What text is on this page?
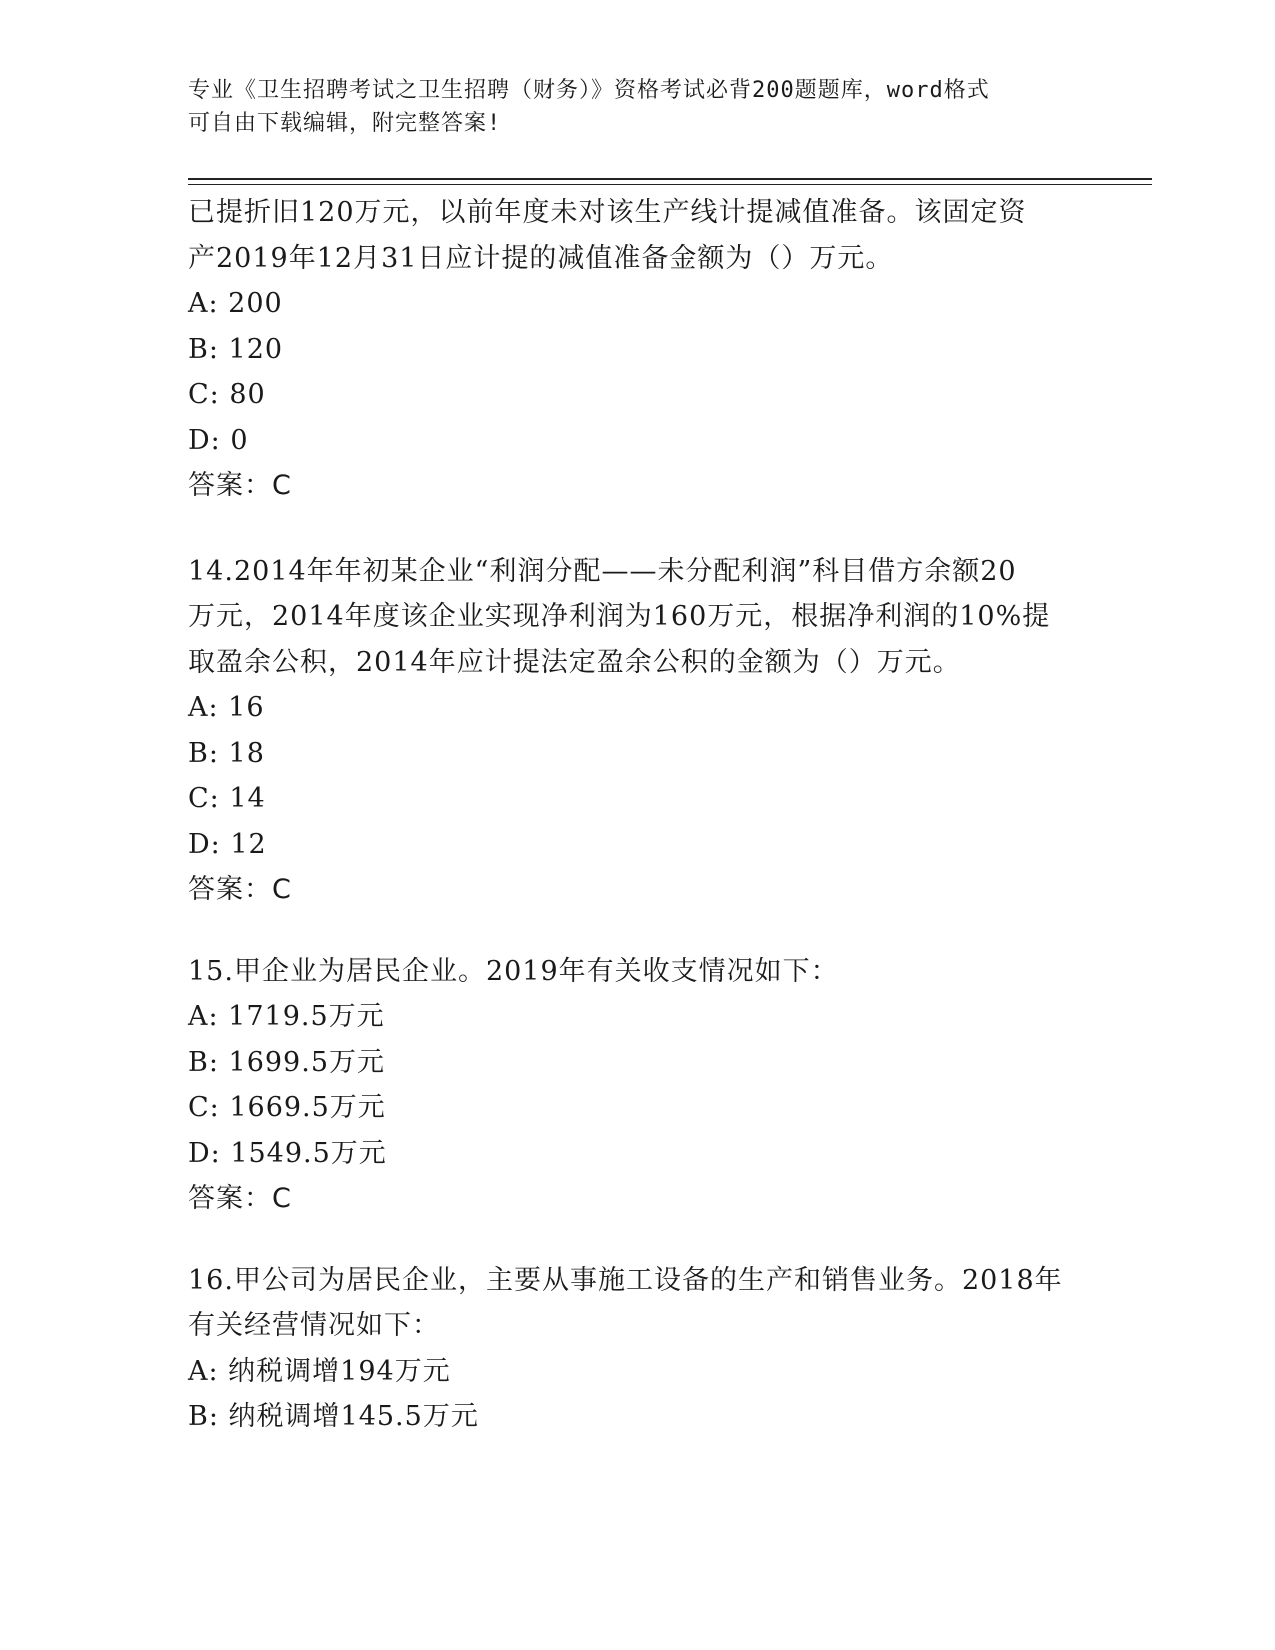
专业《卫生招聘考试之卫生招聘（财务）》资格考试必背200题题库，word格式
可自由下载编辑，附完整答案!
已提折旧120万元，以前年度未对该生产线计提减值准备。该固定资
产2019年12月31日应计提的减值准备金额为（）万元。
A: 200
B: 120
C: 80
D: 0
答案：C
14.2014年年初某企业“利润分配——未分配利润”科目借方余额20
万元，2014年度该企业实现净利润为160万元，根据净利润的10%提
取盈余公积，2014年应计提法定盈余公积的金额为（）万元。
A: 16
B: 18
C: 14
D: 12
答案：C
15.甲企业为居民企业。2019年有关收支情况如下：
A: 1719.5万元
B: 1699.5万元
C: 1669.5万元
D: 1549.5万元
答案：C
16.甲公司为居民企业，主要从事施工设备的生产和销售业务。2018年
有关经营情况如下：
A: 纳税调增194万元
B: 纳税调增145.5万元
